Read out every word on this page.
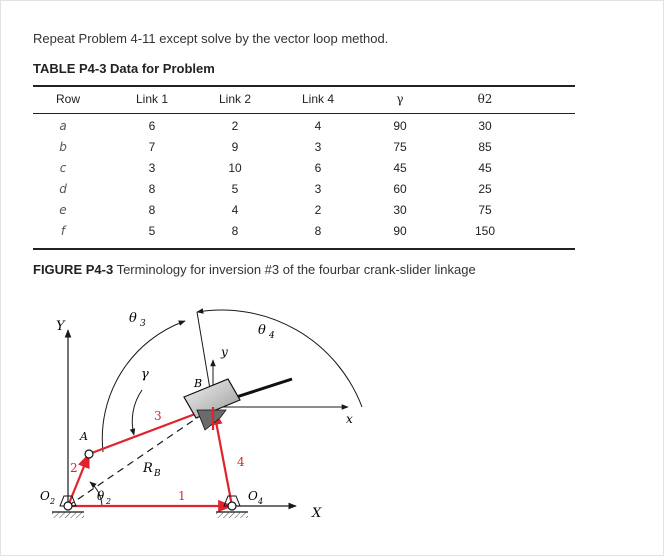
Repeat Problem 4-11 except solve by the vector loop method.
TABLE P4-3 Data for Problem
Row	Link 1	Link 2	Link 4	γ	θ2
a	6	2	4	90	30
b	7	9	3	75	85
c	3	10	6	45	45
d	8	5	3	60	25
e	8	4	2	30	75
f	5	8	8	90	150
FIGURE P4-3 Terminology for inversion #3 of the fourbar crank-slider linkage
Y
X
x
y
θ 3	θ 4
γ
R B
θ 2	1
2
3
4
B
A
O 2	O 4
